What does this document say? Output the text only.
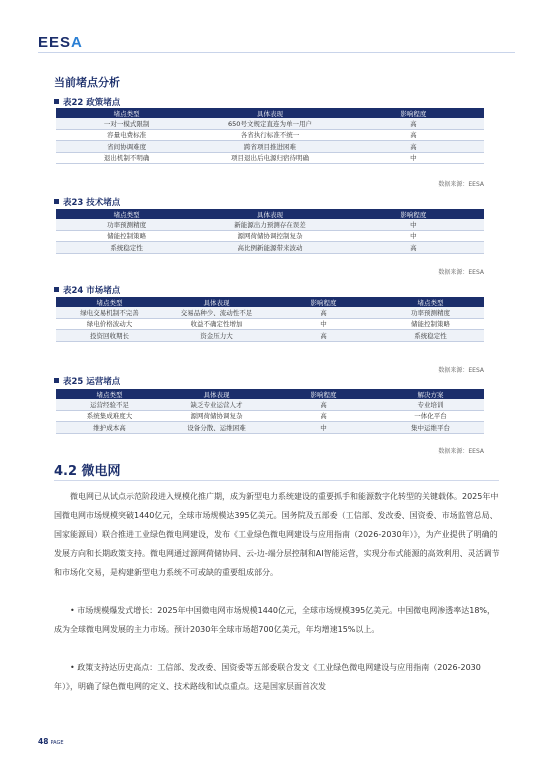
EESA
当前堵点分析
表22 政策堵点
堵点类型	具体表现	影响程度
一对一模式限制	650号文规定直连为单一用户	高
容量电费标准	各省执行标准不统一	高
省间协调难度	跨省项目推进困难	高
退出机制不明确	项目退出后电源归宿待明确	中
数据来源：EESA
表23 技术堵点
堵点类型	具体表现	影响程度
功率预测精度	新能源出力预测存在误差	中
储能控制策略	源网荷储协调控制复杂	中
系统稳定性	高比例新能源带来波动	高
数据来源：EESA
表24 市场堵点
堵点类型	具体表现	影响程度	堵点类型
绿电交易机制不完善	交易品种少、流动性不足	高	功率预测精度
绿电价格波动大	收益不确定性增加	中	储能控制策略
投资回收期长	资金压力大	高	系统稳定性
数据来源：EESA
表25 运营堵点
堵点类型	具体表现	影响程度	解决方案
运营经验不足	缺乏专业运营人才	高	专业培训
系统集成难度大	源网荷储协调复杂	高	一体化平台
维护成本高	设备分散、运维困难	中	集中运维平台
数据来源：EESA
4.2 微电网
微电网已从试点示范阶段进入规模化推广期，成为新型电力系统建设的重要抓手和能源数字化转型的关键载体。2025年中国微电网市场规模突破1440亿元，全球市场规模达395亿美元。国务院及五部委（工信部、发改委、国资委、市场监管总局、国家能源局）联合推进工业绿色微电网建设，发布《工业绿色微电网建设与应用指南（2026-2030年）》，为产业提供了明确的发展方向和长期政策支持。微电网通过源网荷储协同、云-边-端分层控制和AI智能运营，实现分布式能源的高效利用、灵活调节和市场化交易，是构建新型电力系统不可或缺的重要组成部分。
• 市场规模爆发式增长：2025年中国微电网市场规模1440亿元，全球市场规模395亿美元。中国微电网渗透率达18%，成为全球微电网发展的主力市场。预计2030年全球市场超700亿美元，年均增速15%以上。
• 政策支持达历史高点：工信部、发改委、国资委等五部委联合发文《工业绿色微电网建设与应用指南（2026-2030年）》，明确了绿色微电网的定义、技术路线和试点重点。这是国家层面首次发
48 PAGE
